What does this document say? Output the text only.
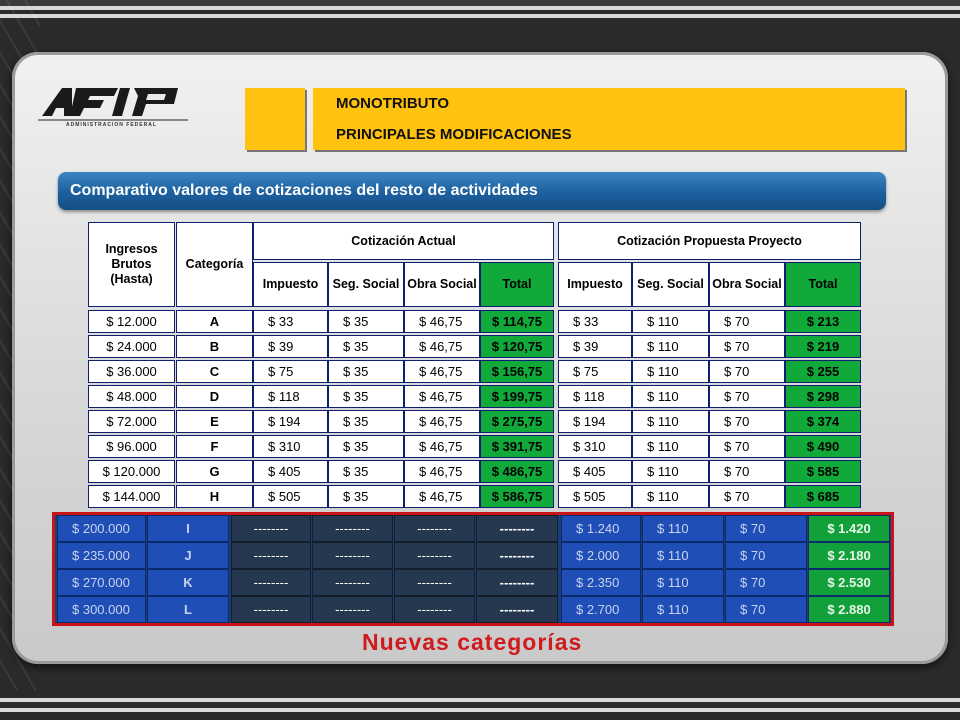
ADMINISTRACION FEDERAL
MONOTRIBUTO
PRINCIPALES MODIFICACIONES
Comparativo valores de cotizaciones del resto de actividades
Ingresos Brutos (Hasta)
Categoría
Cotización Actual	Cotización Propuesta Proyecto
Impuesto	Impuesto
Seg. Social	Seg. Social
Obra Social	Obra Social
Total	Total
$ 12.000	A	$ 33	$ 35	$ 46,75	$ 114,75	$ 33	$ 110	$ 70	$ 213
$ 24.000	B	$ 39	$ 35	$ 46,75	$ 120,75	$ 39	$ 110	$ 70	$ 219
$ 36.000	C	$ 75	$ 35	$ 46,75	$ 156,75	$ 75	$ 110	$ 70	$ 255
$ 48.000	D	$ 118	$ 35	$ 46,75	$ 199,75	$ 118	$ 110	$ 70	$ 298
$ 72.000	E	$ 194	$ 35	$ 46,75	$ 275,75	$ 194	$ 110	$ 70	$ 374
$ 96.000	F	$ 310	$ 35	$ 46,75	$ 391,75	$ 310	$ 110	$ 70	$ 490
$ 120.000	G	$ 405	$ 35	$ 46,75	$ 486,75	$ 405	$ 110	$ 70	$ 585
$ 144.000	H	$ 505	$ 35	$ 46,75	$ 586,75	$ 505	$ 110	$ 70	$ 685
$ 200.000	I	--------	--------	--------	--------	$ 1.240	$ 110	$ 70	$ 1.420
$ 235.000	J	--------	--------	--------	--------	$ 2.000	$ 110	$ 70	$ 2.180
$ 270.000	K	--------	--------	--------	--------	$ 2.350	$ 110	$ 70	$ 2.530
$ 300.000	L	--------	--------	--------	--------	$ 2.700	$ 110	$ 70	$ 2.880
Nuevas categorías
